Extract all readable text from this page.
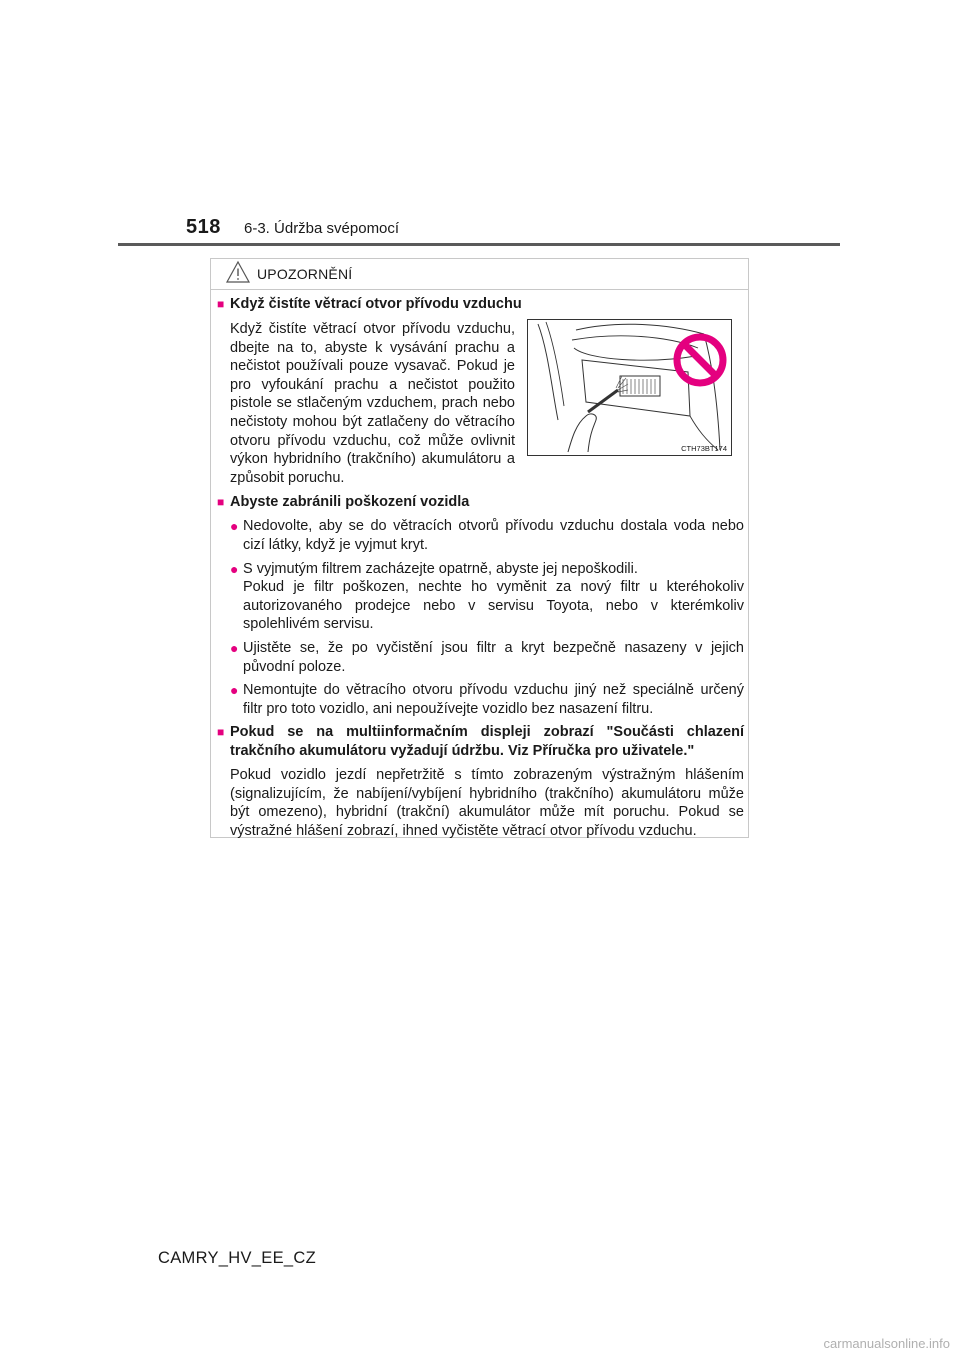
518 6-3. Údržba svépomocí
UPOZORNĚNÍ
■ Když čistíte větrací otvor přívodu vzduchu
Když čistíte větrací otvor přívodu vzduchu, dbejte na to, abyste k vysávání prachu a nečistot používali pouze vysavač. Pokud je pro vyfoukání prachu a nečistot použito pistole se stlačeným vzduchem, prach nebo nečistoty mohou být zatlačeny do větracího otvoru přívodu vzduchu, což může ovlivnit výkon hybridního (trakčního) akumulátoru a způsobit poruchu.
CTH73BT174
■ Abyste zabránili poškození vozidla
● Nedovolte, aby se do větracích otvorů přívodu vzduchu dostala voda nebo cizí látky, když je vyjmut kryt.
● S vyjmutým filtrem zacházejte opatrně, abyste jej nepoškodili.
Pokud je filtr poškozen, nechte ho vyměnit za nový filtr u kteréhokoliv autorizovaného prodejce nebo v servisu Toyota, nebo v kterémkoliv spolehlivém servisu.
● Ujistěte se, že po vyčistění jsou filtr a kryt bezpečně nasazeny v jejich původní poloze.
● Nemontujte do větracího otvoru přívodu vzduchu jiný než speciálně určený filtr pro toto vozidlo, ani nepoužívejte vozidlo bez nasazení filtru.
■ Pokud se na multiinformačním displeji zobrazí "Součásti chlazení trakčního akumulátoru vyžadují údržbu. Viz Příručka pro uživatele."
Pokud vozidlo jezdí nepřetržitě s tímto zobrazeným výstražným hlášením (signalizujícím, že nabíjení/vybíjení hybridního (trakčního) akumulátoru může být omezeno), hybridní (trakční) akumulátor může mít poruchu. Pokud se výstražné hlášení zobrazí, ihned vyčistěte větrací otvor přívodu vzduchu.
CAMRY_HV_EE_CZ
carmanualsonline.info
